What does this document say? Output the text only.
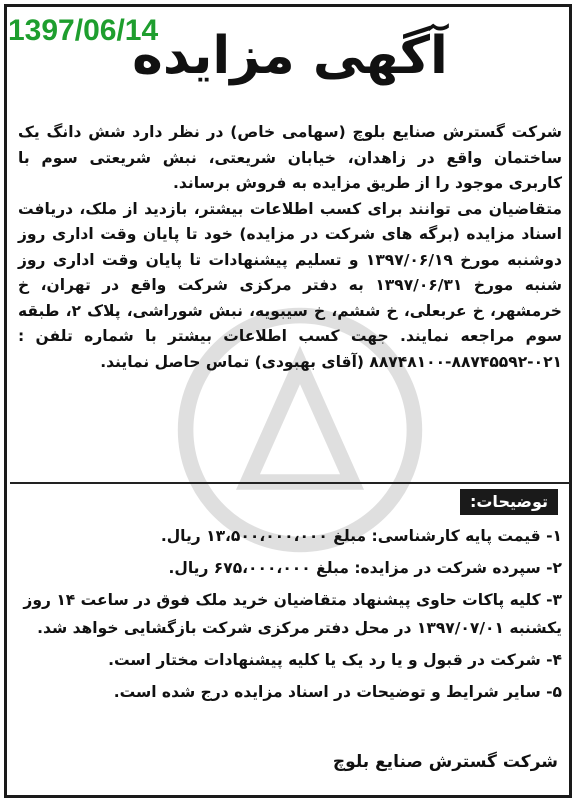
1397/06/14
آگهی مزایده

شرکت گسترش صنایع بلوچ (سهامی خاص) در نظر دارد شش دانگ یک ساختمان واقع در زاهدان، خیابان شریعتی، نبش شریعتی سوم با کاربری موجود را از طریق مزایده به فروش برساند.

متقاضیان می توانند برای کسب اطلاعات بیشتر، بازدید از ملک، دریافت اسناد مزایده (برگه های شرکت در مزایده) خود تا پایان وقت اداری روز دوشنبه مورخ ۱۳۹۷/۰۶/۱۹ و تسلیم پیشنهادات تا پایان وقت اداری روز شنبه مورخ ۱۳۹۷/۰۶/۳۱ به دفتر مرکزی شرکت واقع در تهران، خ خرمشهر، خ عربعلی، خ ششم، خ سیبویه، نبش شوراشی، پلاک ۲، طبقه سوم مراجعه نمایند. جهت کسب اطلاعات بیشتر با شماره تلفن : ۰۲۱-۸۸۷۴۵۵۹۲-۸۸۷۴۸۱۰۰ (آقای بهبودی) تماس حاصل نمایند.

توضیحات:
۱- قیمت پایه کارشناسی: مبلغ ۱۳،۵۰۰،۰۰۰،۰۰۰ ریال.
۲- سپرده شرکت در مزایده: مبلغ ۶۷۵،۰۰۰،۰۰۰ ریال.
۳- کلیه پاکات حاوی پیشنهاد متقاضیان خرید ملک فوق در ساعت ۱۴ روز یکشنبه ۱۳۹۷/۰۷/۰۱ در محل دفتر مرکزی شرکت بازگشایی خواهد شد.
۴- شرکت در قبول و یا رد یک یا کلیه پیشنهادات مختار است.
۵- سایر شرایط و توضیحات در اسناد مزایده درج شده است.
شرکت گسترش صنایع بلوچ
